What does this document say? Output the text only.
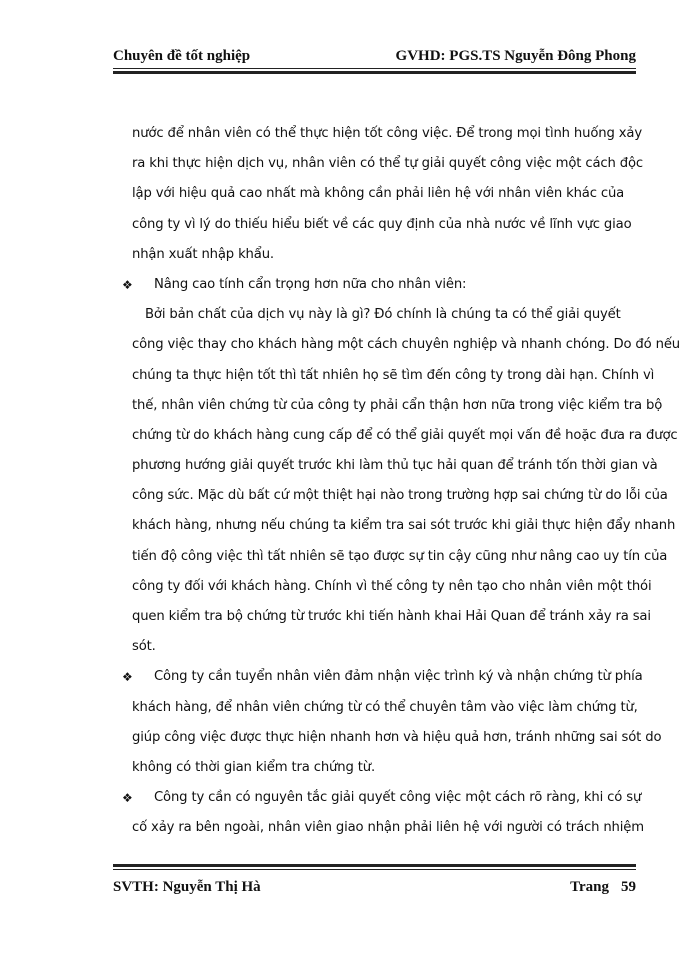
Chuyên đề tốt nghiệp	GVHD: PGS.TS Nguyễn Đông Phong
nước để nhân viên có thể thực hiện tốt công việc. Để trong mọi tình huống xảy
ra khi thực hiện dịch vụ, nhân viên có thể tự giải quyết công việc một cách độc
lập với hiệu quả cao nhất mà không cần phải liên hệ với nhân viên khác của
công ty vì lý do thiếu hiểu biết về các quy định của nhà nước về lĩnh vực giao
nhận xuất nhập khẩu.
❖ Nâng cao tính cẩn trọng hơn nữa cho nhân viên:
Bởi bản chất của dịch vụ này là gì? Đó chính là chúng ta có thể giải quyết
công việc thay cho khách hàng một cách chuyên nghiệp và nhanh chóng. Do đó nếu
chúng ta thực hiện tốt thì tất nhiên họ sẽ tìm đến công ty trong dài hạn. Chính vì
thế, nhân viên chứng từ của công ty phải cẩn thận hơn nữa trong việc kiểm tra bộ
chứng từ do khách hàng cung cấp để có thể giải quyết mọi vấn đề hoặc đưa ra được
phương hướng giải quyết trước khi làm thủ tục hải quan để tránh tốn thời gian và
công sức. Mặc dù bất cứ một thiệt hại nào trong trường hợp sai chứng từ do lỗi của
khách hàng, nhưng nếu chúng ta kiểm tra sai sót trước khi giải thực hiện đẩy nhanh
tiến độ công việc thì tất nhiên sẽ tạo được sự tin cậy cũng như nâng cao uy tín của
công ty đối với khách hàng. Chính vì thế công ty nên tạo cho nhân viên một thói
quen kiểm tra bộ chứng từ trước khi tiến hành khai Hải Quan để tránh xảy ra sai
sót.
❖ Công ty cần tuyển nhân viên đảm nhận việc trình ký và nhận chứng từ phía
khách hàng, để nhân viên chứng từ có thể chuyên tâm vào việc làm chứng từ,
giúp công việc được thực hiện nhanh hơn và hiệu quả hơn, tránh những sai sót do
không có thời gian kiểm tra chứng từ.
❖ Công ty cần có nguyên tắc giải quyết công việc một cách rõ ràng, khi có sự
cố xảy ra bên ngoài, nhân viên giao nhận phải liên hệ với người có trách nhiệm
SVTH: Nguyễn Thị Hà	Trang 59
